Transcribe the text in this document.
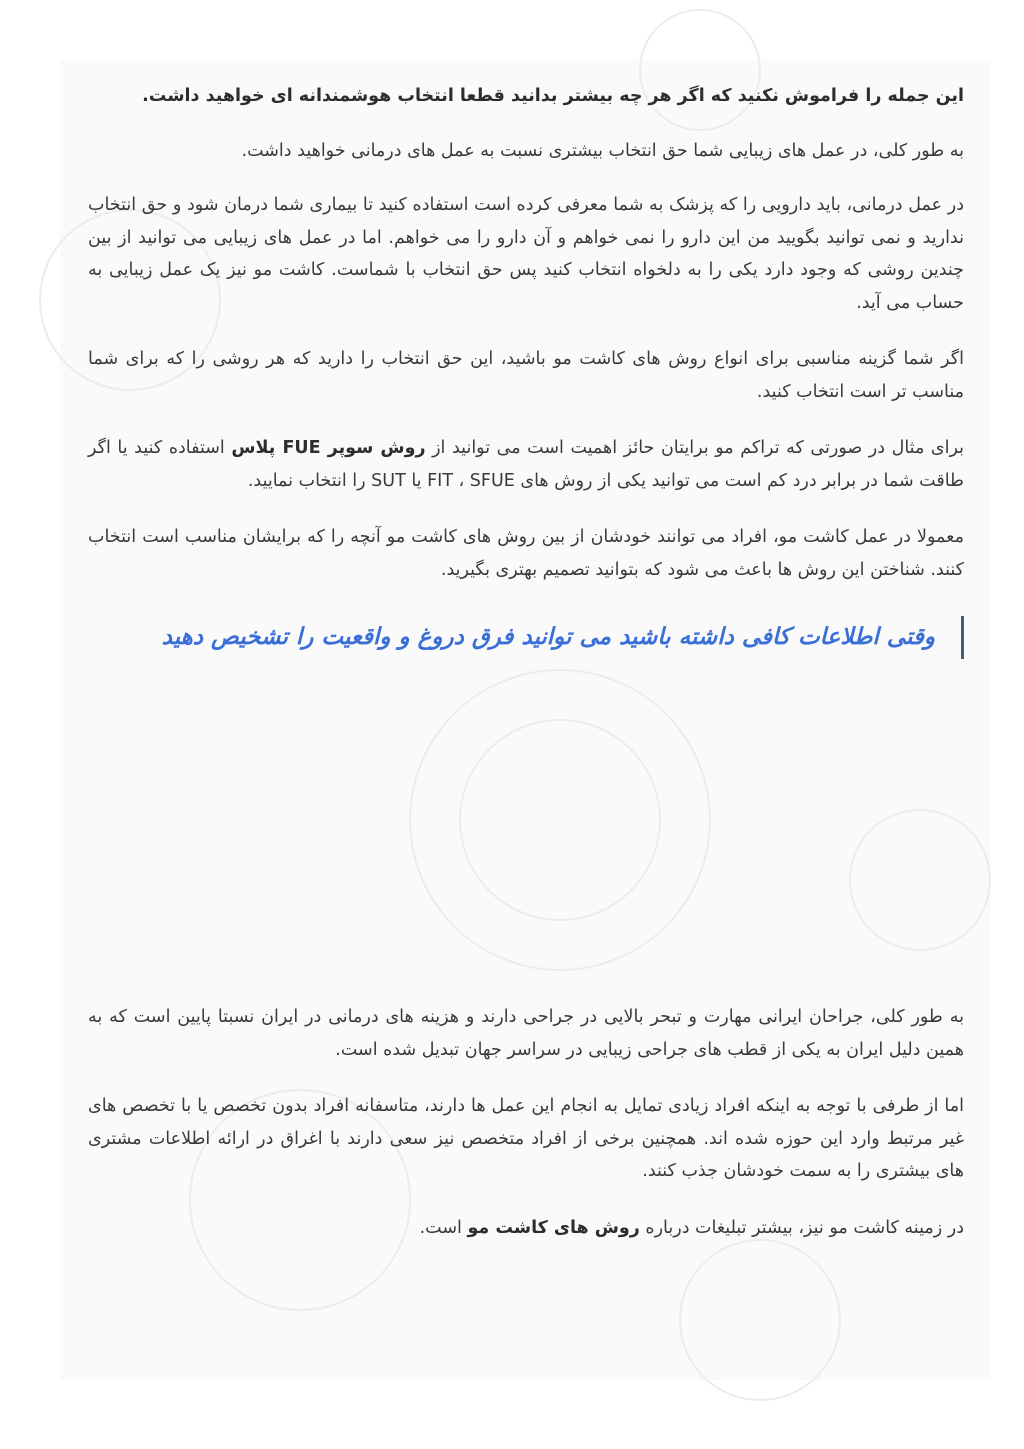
این جمله را فراموش نکنید که اگر هر چه بیشتر بدانید قطعا انتخاب هوشمندانه ای خواهید داشت.

به طور کلی، در عمل های زیبایی شما حق انتخاب بیشتری نسبت به عمل های درمانی خواهید داشت.

در عمل درمانی، باید دارویی را که پزشک به شما معرفی کرده است استفاده کنید تا بیماری شما درمان شود و حق انتخاب ندارید و نمی توانید بگویید من این دارو را نمی خواهم و آن دارو را می خواهم. اما در عمل های زیبایی می توانید از بین چندین روشی که وجود دارد یکی را به دلخواه انتخاب کنید پس حق انتخاب با شماست. کاشت مو نیز یک عمل زیبایی به حساب می آید.

اگر شما گزینه مناسبی برای انواع روش های کاشت مو باشید، این حق انتخاب را دارید که هر روشی را که برای شما مناسب تر است انتخاب کنید.

برای مثال در صورتی که تراکم مو برایتان حائز اهمیت است می توانید از روش سوپر FUE پلاس استفاده کنید یا اگر طاقت شما در برابر درد کم است می توانید یکی از روش های FIT ، SFUE یا SUT را انتخاب نمایید.

معمولا در عمل کاشت مو، افراد می توانند خودشان از بین روش های کاشت مو آنچه را که برایشان مناسب است انتخاب کنند. شناختن این روش ها باعث می شود که بتوانید تصمیم بهتری بگیرید.

وقتی اطلاعات کافی داشته باشید می توانید فرق دروغ و واقعیت را تشخیص دهید

به طور کلی، جراحان ایرانی مهارت و تبحر بالایی در جراحی دارند و هزینه های درمانی در ایران نسبتا پایین است که به همین دلیل ایران به یکی از قطب های جراحی زیبایی در سراسر جهان تبدیل شده است.

اما از طرفی با توجه به اینکه افراد زیادی تمایل به انجام این عمل ها دارند، متاسفانه افراد بدون تخصص یا با تخصص های غیر مرتبط وارد این حوزه شده اند. همچنین برخی از افراد متخصص نیز سعی دارند با اغراق در ارائه اطلاعات مشتری های بیشتری را به سمت خودشان جذب کنند.

در زمینه کاشت مو نیز، بیشتر تبلیغات درباره روش های کاشت مو است.
